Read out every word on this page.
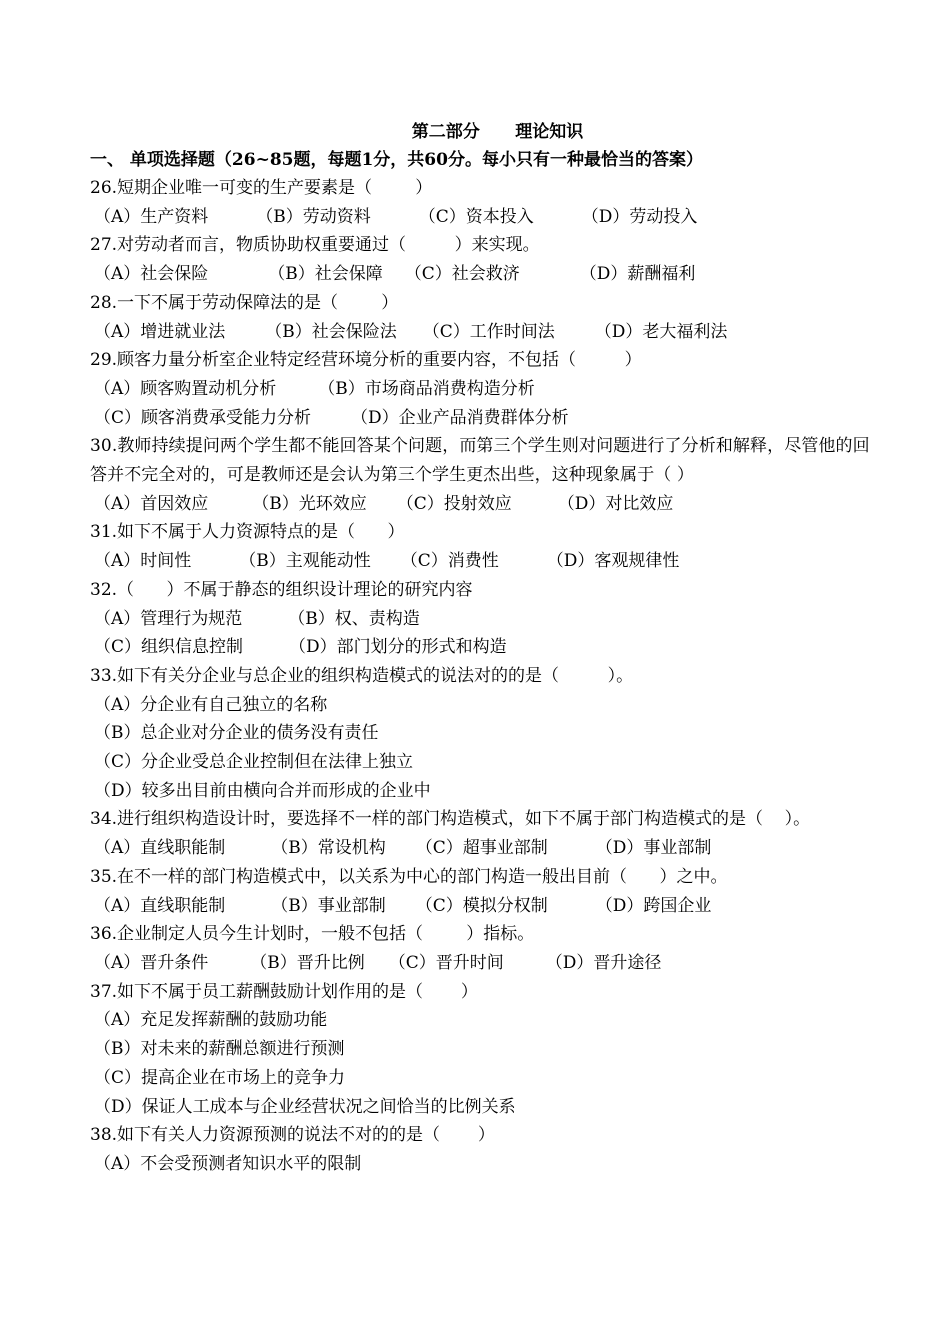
第二部分      理论知识
一、 单项选择题（26~85题，每题1分，共60分。每小只有一种最恰当的答案）
26.短期企业唯一可变的生产要素是（        ）
（A）生产资料	（B）劳动资料	（C）资本投入	（D）劳动投入
27.对劳动者而言，物质协助权重要通过（         ）来实现。
（A）社会保险	（B）社会保障 （C）社会救济	（D）薪酬福利
28.一下不属于劳动保障法的是（        ）
（A）增进就业法 （B）社会保险法 （C）工作时间法 （D）老大福利法
29.顾客力量分析室企业特定经营环境分析的重要内容，不包括（         ）
（A）顾客购置动机分析 （B）市场商品消费构造分析
（C）顾客消费承受能力分析 （D）企业产品消费群体分析
30.教师持续提问两个学生都不能回答某个问题，而第三个学生则对问题进行了分析和解释，尽管他的回答并不完全对的，可是教师还是会认为第三个学生更杰出些，这种现象属于（ ）
（A）首因效应	（B）光环效应 （C）投射效应	（D）对比效应
31.如下不属于人力资源特点的是（      ）
（A）时间性	（B）主观能动性 （C）消费性	（D）客观规律性
32.（      ）不属于静态的组织设计理论的研究内容
（A）管理行为规范	（B）权、责构造
（C）组织信息控制	（D）部门划分的形式和构造
33.如下有关分企业与总企业的组织构造模式的说法对的的是（         ）。
（A）分企业有自己独立的名称
（B）总企业对分企业的债务没有责任
（C）分企业受总企业控制但在法律上独立
（D）较多出目前由横向合并而形成的企业中
34.进行组织构造设计时，要选择不一样的部门构造模式，如下不属于部门构造模式的是（    ）。
（A）直线职能制	（B）常设机构 （C）超事业部制	（D）事业部制
35.在不一样的部门构造模式中，以关系为中心的部门构造一般出目前（      ）之中。
（A）直线职能制	（B）事业部制 （C）模拟分权制	（D）跨国企业
36.企业制定人员今生计划时，一般不包括（        ）指标。
（A）晋升条件 （B）晋升比例 （C）晋升时间 （D）晋升途径
37.如下不属于员工薪酬鼓励计划作用的是（       ）
（A）充足发挥薪酬的鼓励功能
（B）对未来的薪酬总额进行预测
（C）提高企业在市场上的竞争力
（D）保证人工成本与企业经营状况之间恰当的比例关系
38.如下有关人力资源预测的说法不对的的是（       ）
（A）不会受预测者知识水平的限制
